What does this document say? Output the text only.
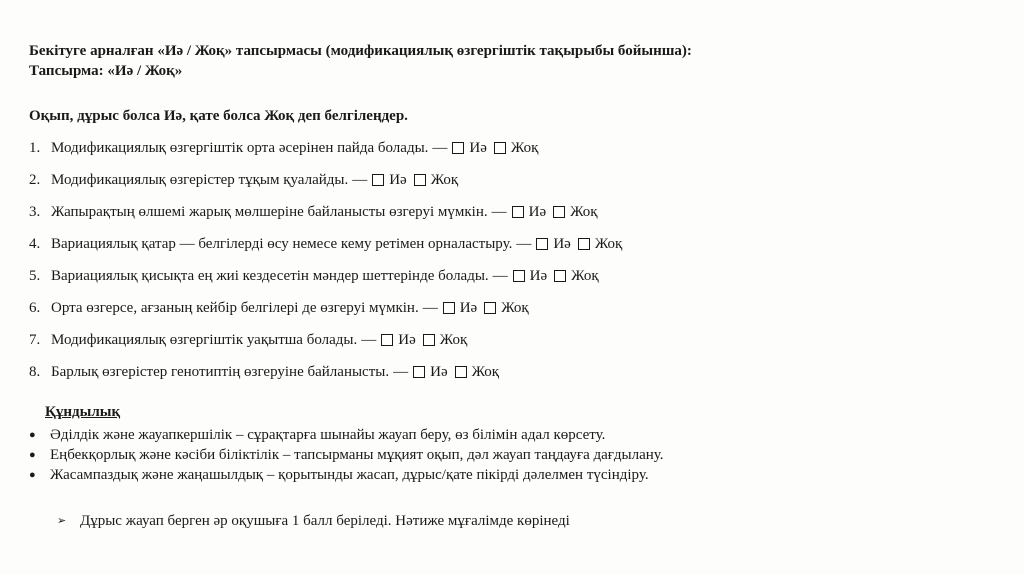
Бекітуге арналған «Иә / Жоқ» тапсырмасы (модификациялық өзгергіштік тақырыбы бойынша):
Тапсырма: «Иә / Жоқ»
Оқып, дұрыс болса Иә, қате болса Жоқ деп белгілеңдер.
1. Модификациялық өзгергіштік орта әсерінен пайда болады. — Иә Жоқ
2. Модификациялық өзгерістер тұқым қуалайды. — Иә Жоқ
3. Жапырақтың өлшемі жарық мөлшеріне байланысты өзгеруі мүмкін. — Иә Жоқ
4. Вариациялық қатар — белгілерді өсу немесе кему ретімен орналастыру. — Иә Жоқ
5. Вариациялық қисықта ең жиі кездесетін мәндер шеттерінде болады. — Иә Жоқ
6. Орта өзгерсе, ағзаның кейбір белгілері де өзгеруі мүмкін. — Иә Жоқ
7. Модификациялық өзгергіштік уақытша болады. — Иә Жоқ
8. Барлық өзгерістер генотиптің өзгеруіне байланысты. — Иә Жоқ
Құндылық
● Әділдік және жауапкершілік – сұрақтарға шынайы жауап беру, өз білімін адал көрсету.
● Еңбекқорлық және кәсіби біліктілік – тапсырманы мұқият оқып, дәл жауап таңдауға дағдылану.
● Жасампаздық және жаңашылдық – қорытынды жасап, дұрыс/қате пікірді дәлелмен түсіндіру.
➢ Дұрыс жауап берген әр оқушыға 1 балл беріледі. Нәтиже мұғалімде көрінеді
